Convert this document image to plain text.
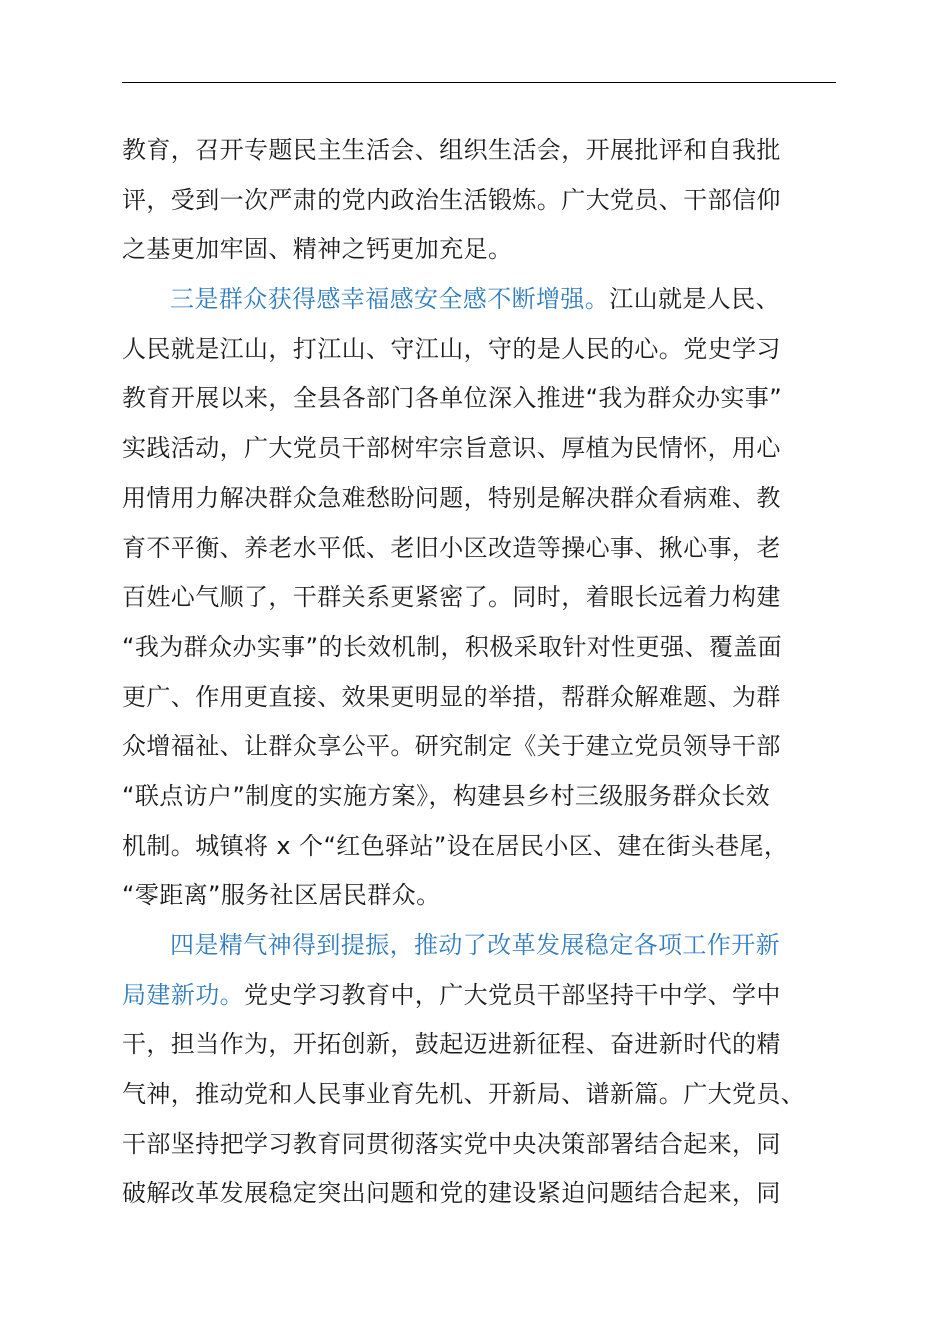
教育，召开专题民主生活会、组织生活会，开展批评和自我批
评，受到一次严肃的党内政治生活锻炼。广大党员、干部信仰
之基更加牢固、精神之钙更加充足。
三是群众获得感幸福感安全感不断增强。江山就是人民、
人民就是江山，打江山、守江山，守的是人民的心。党史学习
教育开展以来，全县各部门各单位深入推进“我为群众办实事”
实践活动，广大党员干部树牢宗旨意识、厚植为民情怀，用心
用情用力解决群众急难愁盼问题，特别是解决群众看病难、教
育不平衡、养老水平低、老旧小区改造等操心事、揪心事，老
百姓心气顺了，干群关系更紧密了。同时，着眼长远着力构建
“我为群众办实事”的长效机制，积极采取针对性更强、覆盖面
更广、作用更直接、效果更明显的举措，帮群众解难题、为群
众增福祉、让群众享公平。研究制定《关于建立党员领导干部
“联点访户”制度的实施方案》，构建县乡村三级服务群众长效
机制。城镇将 x 个“红色驿站”设在居民小区、建在街头巷尾，
“零距离”服务社区居民群众。
四是精气神得到提振，推动了改革发展稳定各项工作开新
局建新功。党史学习教育中，广大党员干部坚持干中学、学中
干，担当作为，开拓创新，鼓起迈进新征程、奋进新时代的精
气神，推动党和人民事业育先机、开新局、谱新篇。广大党员、
干部坚持把学习教育同贯彻落实党中央决策部署结合起来，同
破解改革发展稳定突出问题和党的建设紧迫问题结合起来，同
